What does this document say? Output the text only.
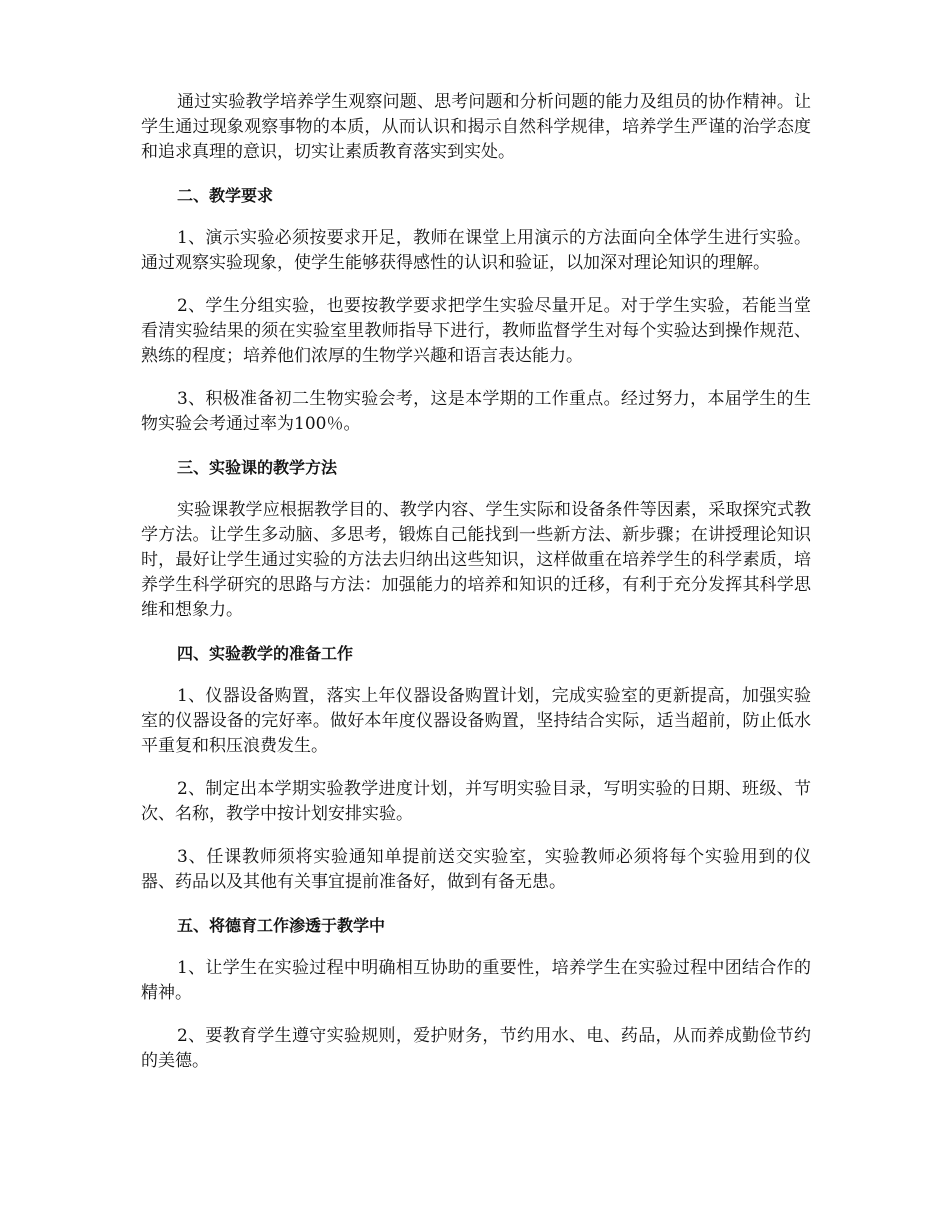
通过实验教学培养学生观察问题、思考问题和分析问题的能力及组员的协作精神。让学生通过现象观察事物的本质，从而认识和揭示自然科学规律，培养学生严谨的治学态度和追求真理的意识，切实让素质教育落实到实处。

二、教学要求

1、演示实验必须按要求开足，教师在课堂上用演示的方法面向全体学生进行实验。通过观察实验现象，使学生能够获得感性的认识和验证，以加深对理论知识的理解。

2、学生分组实验，也要按教学要求把学生实验尽量开足。对于学生实验，若能当堂看清实验结果的须在实验室里教师指导下进行，教师监督学生对每个实验达到操作规范、熟练的程度；培养他们浓厚的生物学兴趣和语言表达能力。

3、积极准备初二生物实验会考，这是本学期的工作重点。经过努力，本届学生的生物实验会考通过率为100％。

三、实验课的教学方法

实验课教学应根据教学目的、教学内容、学生实际和设备条件等因素，采取探究式教学方法。让学生多动脑、多思考，锻炼自己能找到一些新方法、新步骤；在讲授理论知识时，最好让学生通过实验的方法去归纳出这些知识，这样做重在培养学生的科学素质，培养学生科学研究的思路与方法：加强能力的培养和知识的迁移，有利于充分发挥其科学思维和想象力。

四、实验教学的准备工作

1、仪器设备购置，落实上年仪器设备购置计划，完成实验室的更新提高，加强实验室的仪器设备的完好率。做好本年度仪器设备购置，坚持结合实际，适当超前，防止低水平重复和积压浪费发生。

2、制定出本学期实验教学进度计划，并写明实验目录，写明实验的日期、班级、节次、名称，教学中按计划安排实验。

3、任课教师须将实验通知单提前送交实验室，实验教师必须将每个实验用到的仪器、药品以及其他有关事宜提前准备好，做到有备无患。

五、将德育工作渗透于教学中

1、让学生在实验过程中明确相互协助的重要性，培养学生在实验过程中团结合作的精神。

2、要教育学生遵守实验规则，爱护财务，节约用水、电、药品，从而养成勤俭节约的美德。
